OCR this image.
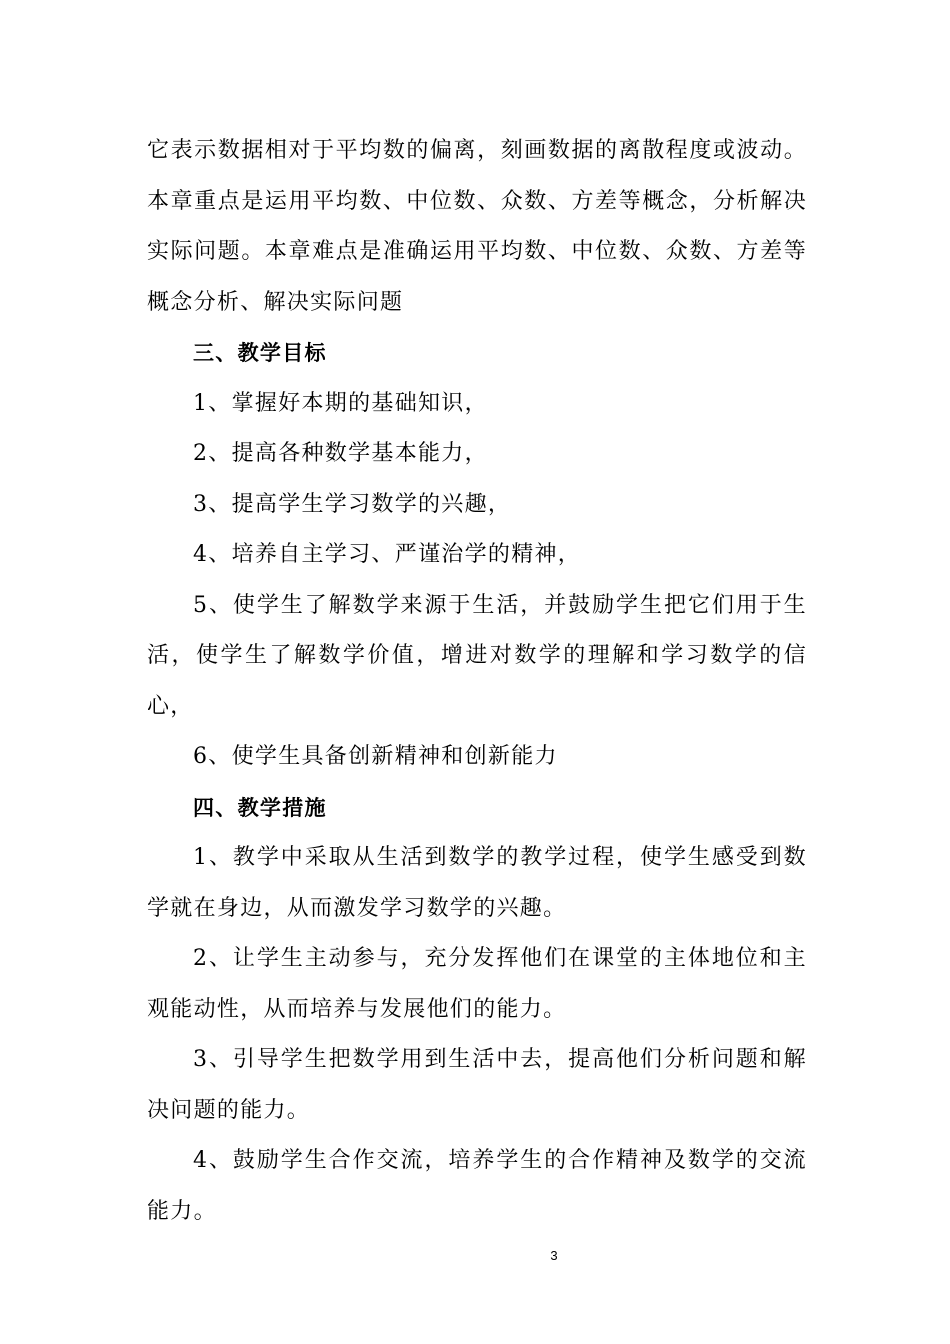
它表示数据相对于平均数的偏离，刻画数据的离散程度或波动。本章重点是运用平均数、中位数、众数、方差等概念，分析解决实际问题。本章难点是准确运用平均数、中位数、众数、方差等概念分析、解决实际问题

三、教学目标

1、掌握好本期的基础知识，

2、提高各种数学基本能力，

3、提高学生学习数学的兴趣，

4、培养自主学习、严谨治学的精神，

5、使学生了解数学来源于生活，并鼓励学生把它们用于生活，使学生了解数学价值，增进对数学的理解和学习数学的信心，

6、使学生具备创新精神和创新能力

四、教学措施

1、教学中采取从生活到数学的教学过程，使学生感受到数学就在身边，从而激发学习数学的兴趣。

2、让学生主动参与，充分发挥他们在课堂的主体地位和主观能动性，从而培养与发展他们的能力。

3、引导学生把数学用到生活中去，提高他们分析问题和解决问题的能力。

4、鼓励学生合作交流，培养学生的合作精神及数学的交流能力。

3
